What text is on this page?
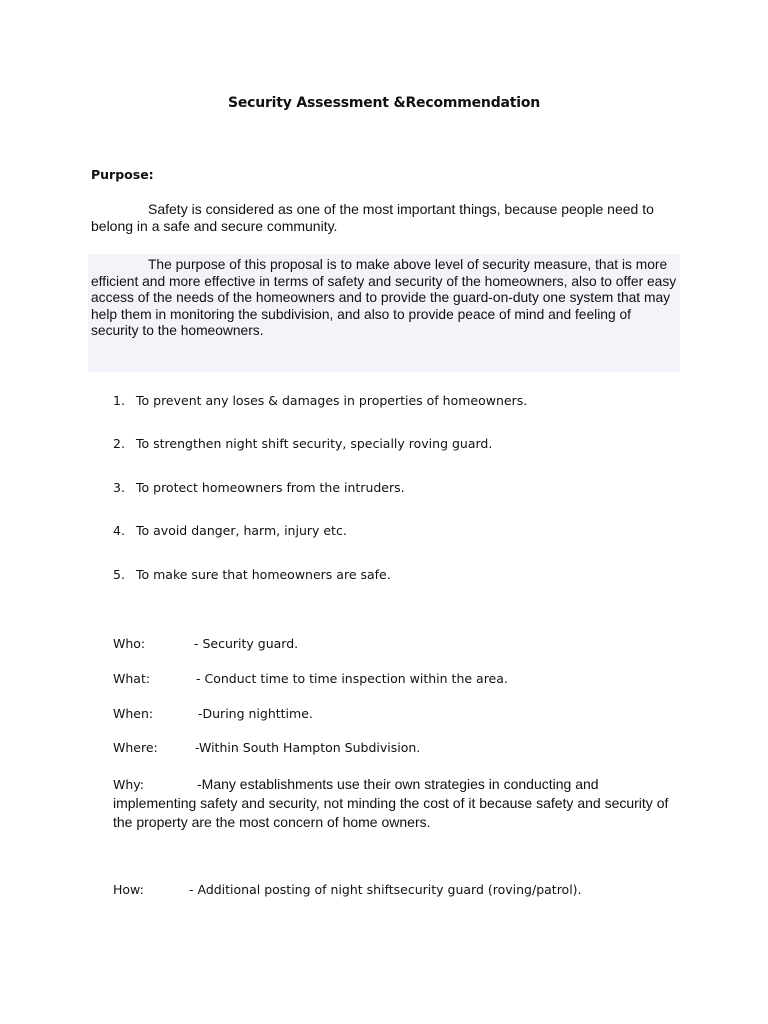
Security Assessment &Recommendation
Purpose:
Safety is considered as one of the most important things, because people need to belong in a safe and secure community.
The purpose of this proposal is to make above level of security measure, that is more efficient and more effective in terms of safety and security of the homeowners, also to offer easy access of the needs of the homeowners and to provide the guard-on-duty one system that may help them in monitoring the subdivision, and also to provide peace of mind and feeling of security to the homeowners.
1. To prevent any loses & damages in properties of homeowners.
2. To strengthen night shift security, specially roving guard.
3. To protect homeowners from the intruders.
4. To avoid danger, harm, injury etc.
5. To make sure that homeowners are safe.
Who:	- Security guard.
What:	- Conduct time to time inspection within the area.
When:	-During nighttime.
Where:	-Within South Hampton Subdivision.
Why:	-Many establishments use their own strategies in conducting and implementing safety and security, not minding the cost of it because safety and security of the property are the most concern of home owners.
How:	- Additional posting of night shiftsecurity guard (roving/patrol).
